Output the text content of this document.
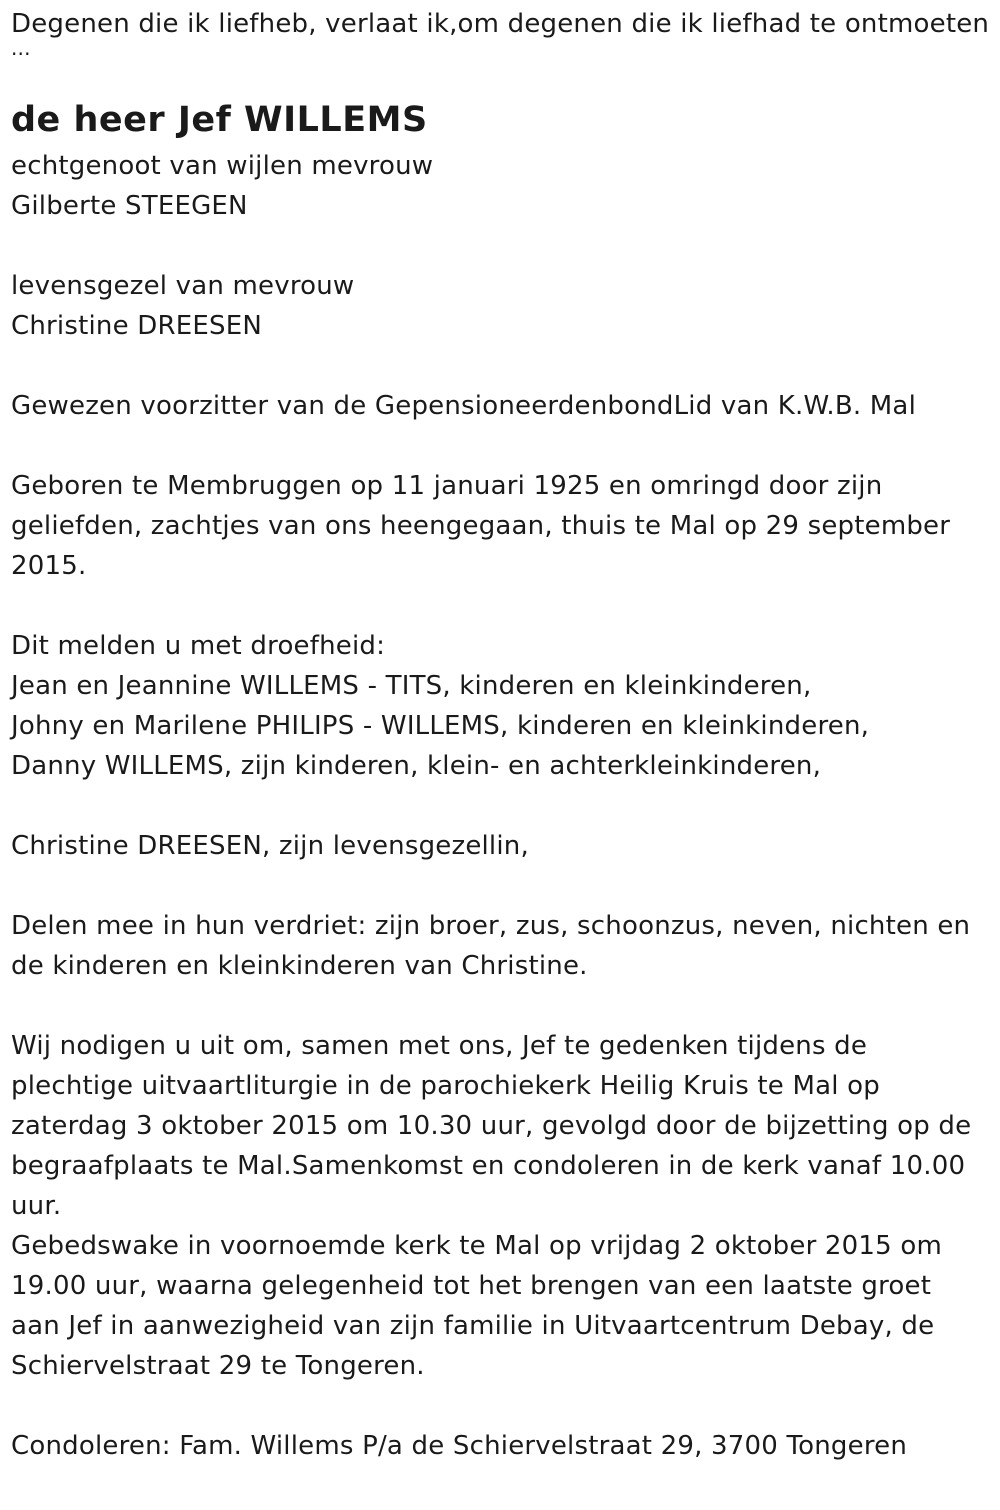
Degenen die ik liefheb, verlaat ik,om degenen die ik liefhad te ontmoeten
...
de heer Jef WILLEMS
echtgenoot van wijlen mevrouw
Gilberte STEEGEN
levensgezel van mevrouw
Christine DREESEN
Gewezen voorzitter van de GepensioneerdenbondLid van K.W.B. Mal
Geboren te Membruggen op 11 januari 1925 en omringd door zijn
geliefden, zachtjes van ons heengegaan, thuis te Mal op 29 september
2015.
Dit melden u met droefheid:
Jean en Jeannine WILLEMS - TITS, kinderen en kleinkinderen,
Johny en Marilene PHILIPS - WILLEMS, kinderen en kleinkinderen,
Danny WILLEMS, zijn kinderen, klein- en achterkleinkinderen,
Christine DREESEN, zijn levensgezellin,
Delen mee in hun verdriet: zijn broer, zus, schoonzus, neven, nichten en
de kinderen en kleinkinderen van Christine.
Wij nodigen u uit om, samen met ons, Jef te gedenken tijdens de
plechtige uitvaartliturgie in de parochiekerk Heilig Kruis te Mal op
zaterdag 3 oktober 2015 om 10.30 uur, gevolgd door de bijzetting op de
begraafplaats te Mal.Samenkomst en condoleren in de kerk vanaf 10.00
uur.
Gebedswake in voornoemde kerk te Mal op vrijdag 2 oktober 2015 om
19.00 uur, waarna gelegenheid tot het brengen van een laatste groet
aan Jef in aanwezigheid van zijn familie in Uitvaartcentrum Debay, de
Schiervelstraat 29 te Tongeren.
Condoleren: Fam. Willems P/a de Schiervelstraat 29, 3700 Tongeren
